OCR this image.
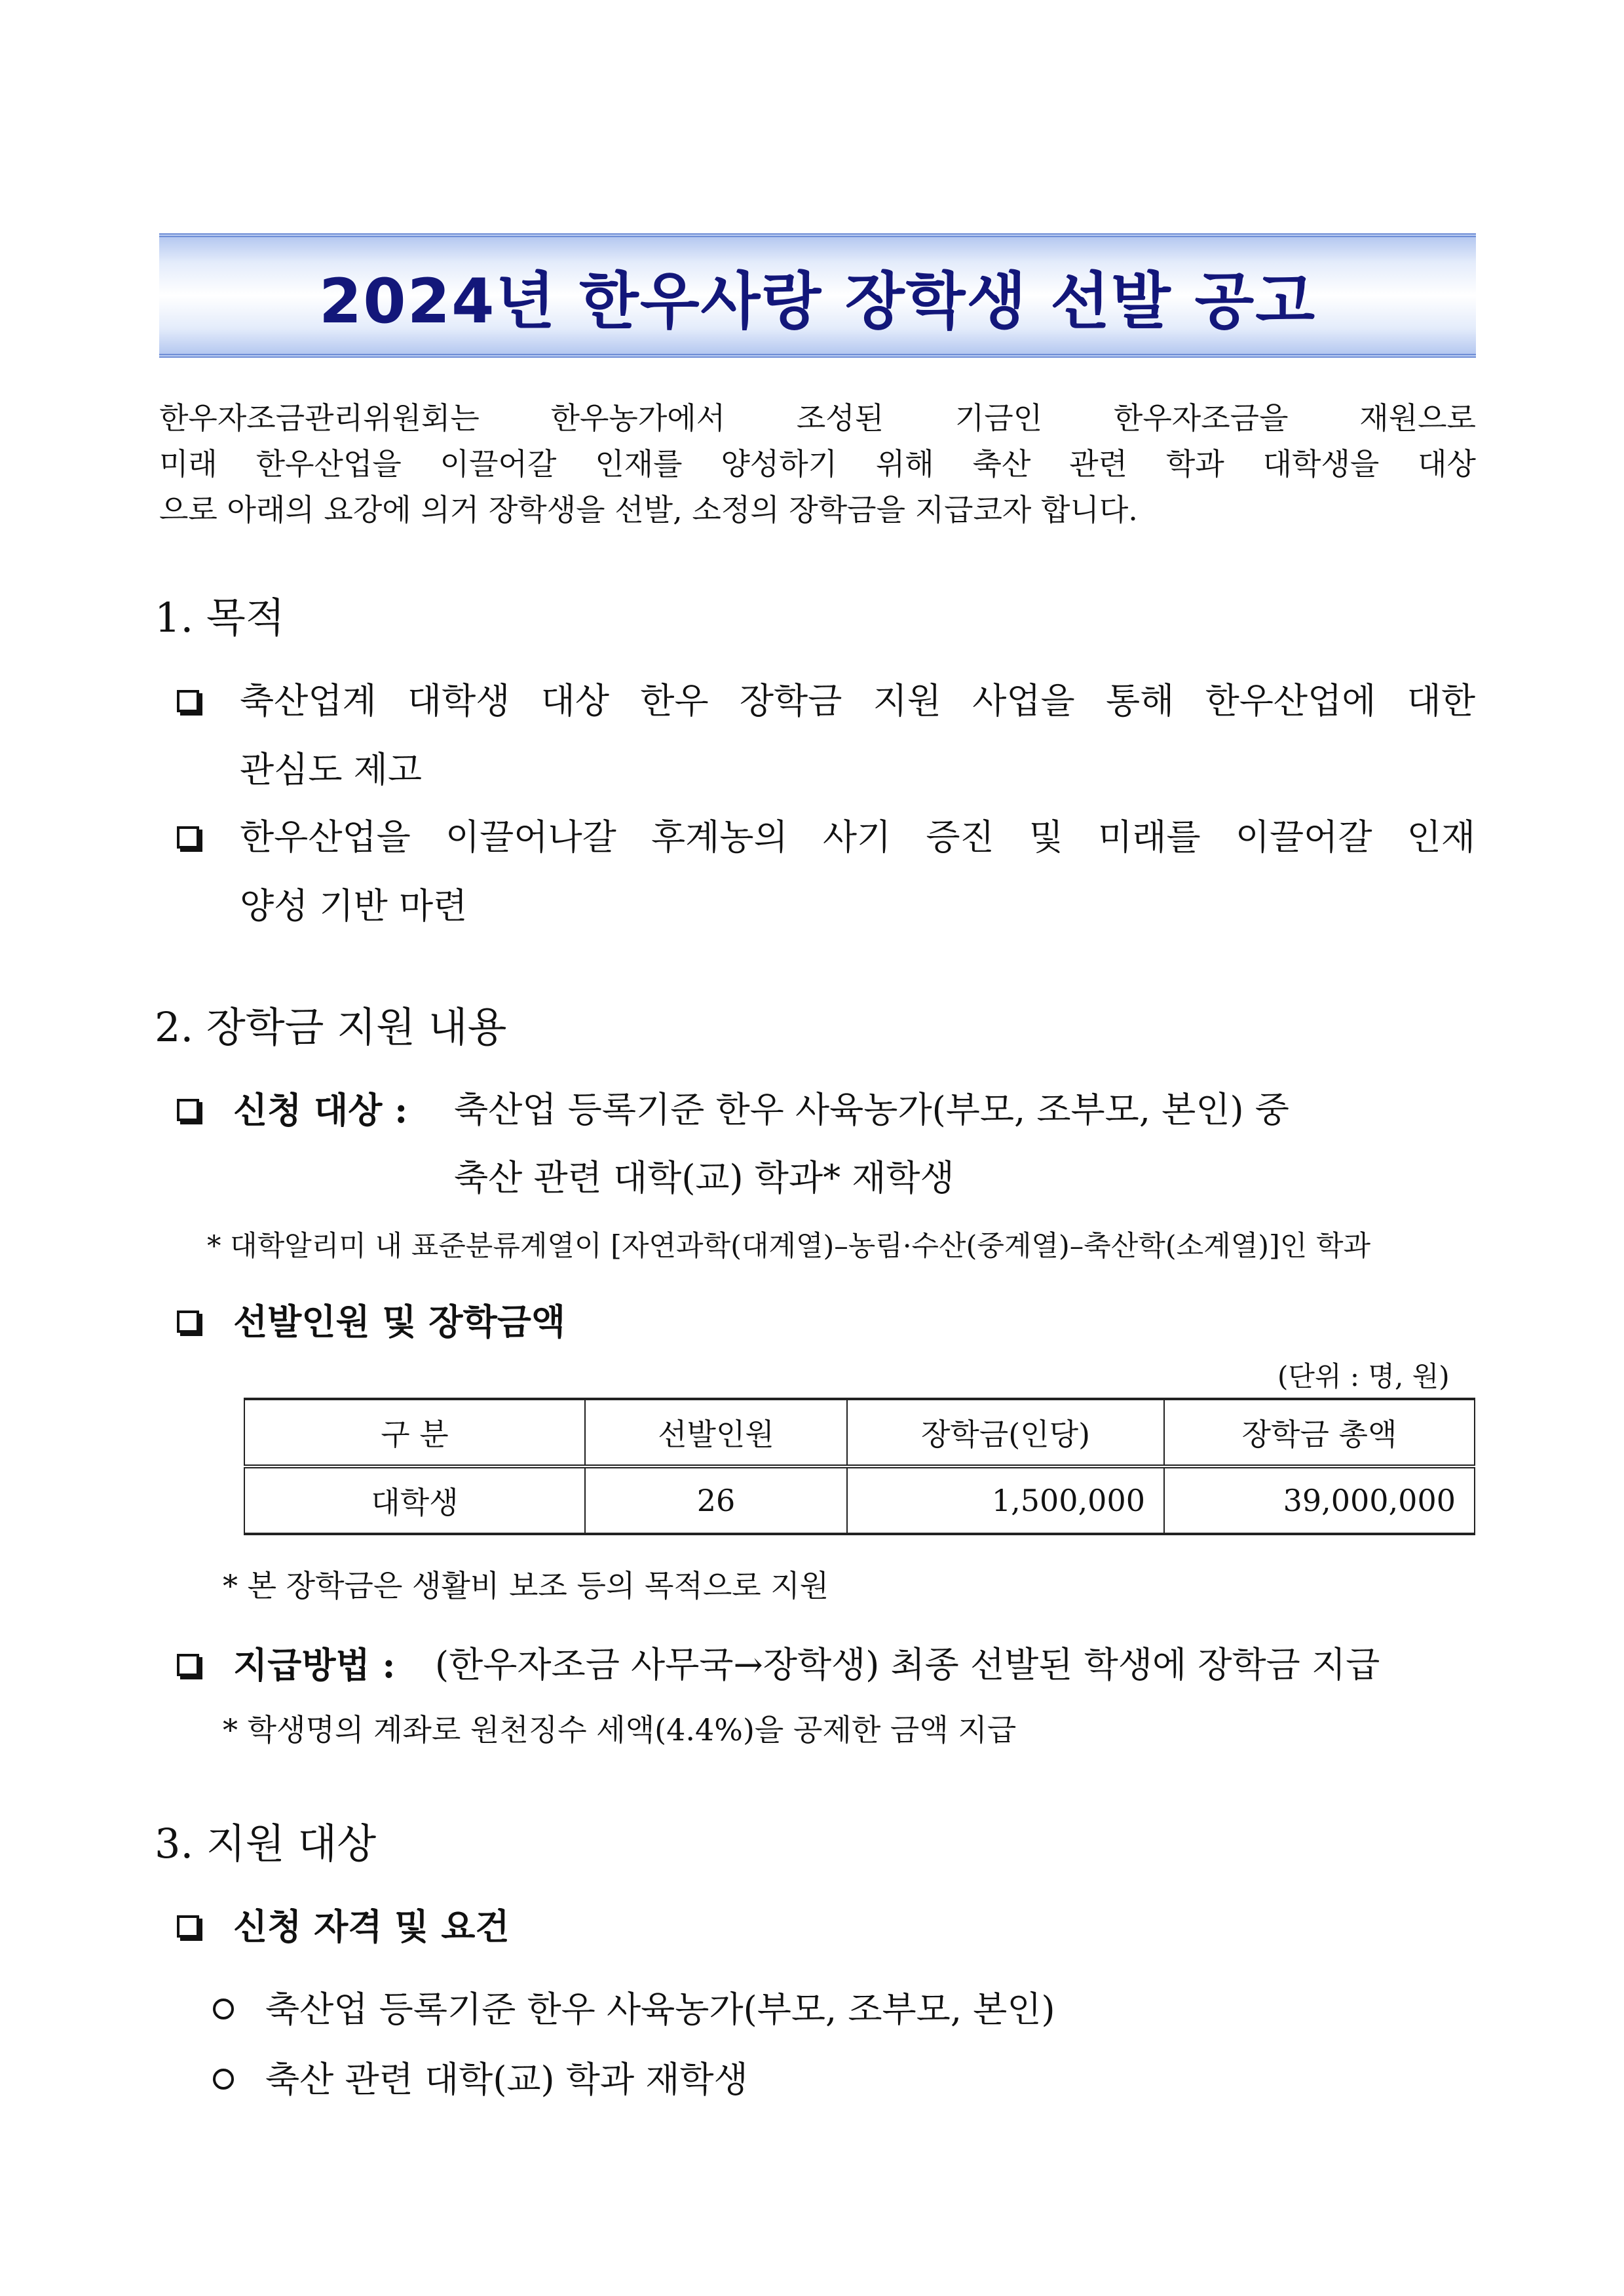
2024년 한우사랑 장학생 선발 공고
한우자조금관리위원회는 한우농가에서 조성된 기금인 한우자조금을 재원으로
미래 한우산업을 이끌어갈 인재를 양성하기 위해 축산 관련 학과 대학생을 대상
으로 아래의 요강에 의거 장학생을 선발, 소정의 장학금을 지급코자 합니다.
1. 목적
축산업계 대학생 대상 한우 장학금 지원 사업을 통해 한우산업에 대한
관심도 제고
한우산업을 이끌어나갈 후계농의 사기 증진 및 미래를 이끌어갈 인재
양성 기반 마련
2. 장학금 지원 내용
신청 대상 : 축산업 등록기준 한우 사육농가(부모, 조부모, 본인) 중
축산 관련 대학(교) 학과* 재학생
* 대학알리미 내 표준분류계열이 [자연과학(대계열)–농림·수산(중계열)–축산학(소계열)]인 학과
선발인원 및 장학금액
(단위 : 명, 원)
구 분	선발인원	장학금(인당)	장학금 총액
대학생	26	1,500,000	39,000,000
* 본 장학금은 생활비 보조 등의 목적으로 지원
지급방법 : (한우자조금 사무국→장학생) 최종 선발된 학생에 장학금 지급
* 학생명의 계좌로 원천징수 세액(4.4%)을 공제한 금액 지급
3. 지원 대상
신청 자격 및 요건
축산업 등록기준 한우 사육농가(부모, 조부모, 본인)
축산 관련 대학(교) 학과 재학생
